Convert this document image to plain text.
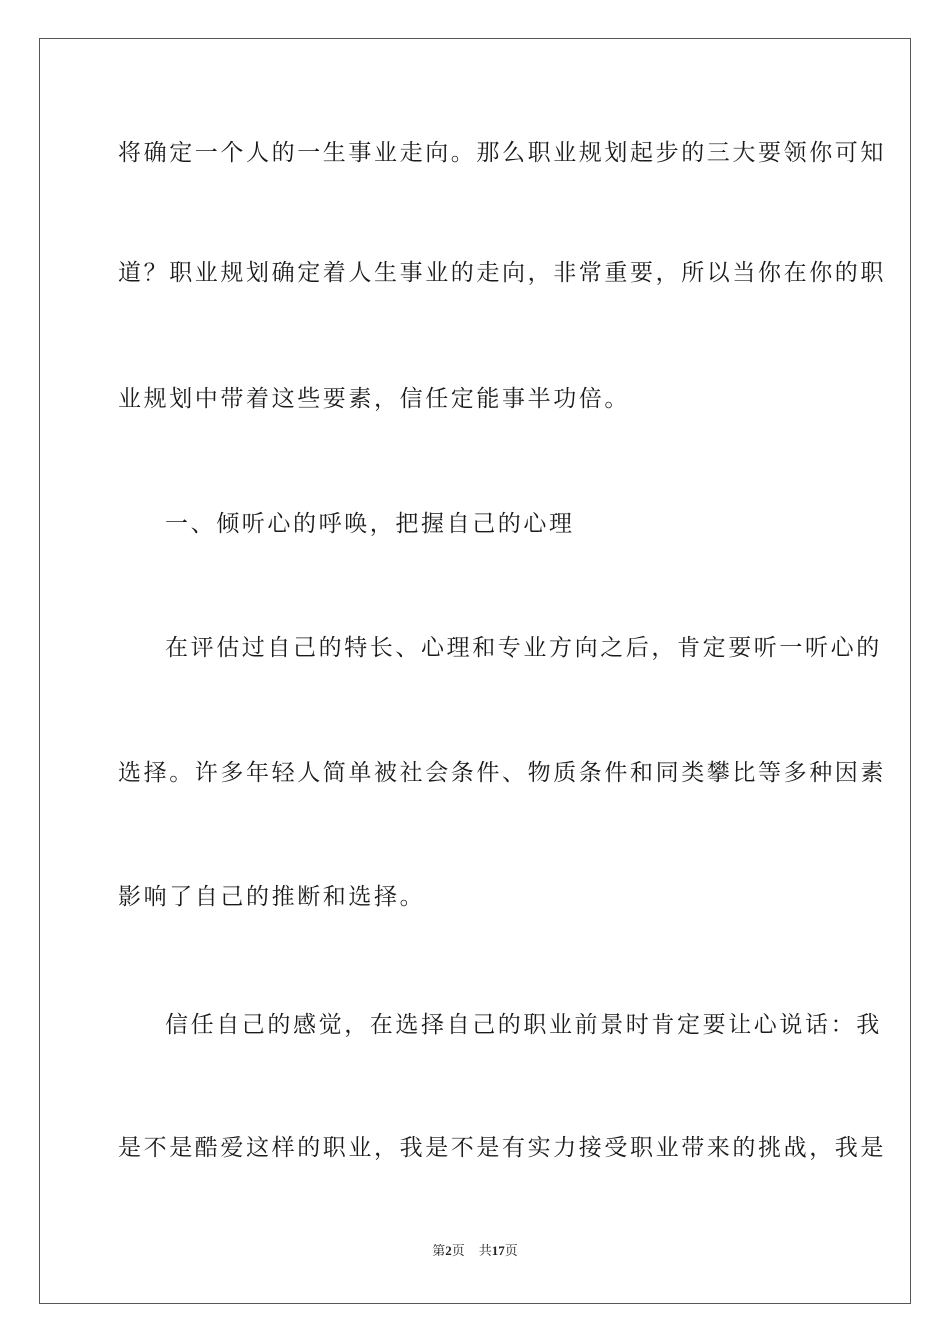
将确定一个人的一生事业走向。那么职业规划起步的三大要领你可知
道？职业规划确定着人生事业的走向，非常重要，所以当你在你的职
业规划中带着这些要素，信任定能事半功倍。
一、倾听心的呼唤，把握自己的心理
在评估过自己的特长、心理和专业方向之后，肯定要听一听心的
选择。许多年轻人简单被社会条件、物质条件和同类攀比等多种因素
影响了自己的推断和选择。
信任自己的感觉，在选择自己的职业前景时肯定要让心说话：我
是不是酷爱这样的职业，我是不是有实力接受职业带来的挑战，我是
第2页 共17页
